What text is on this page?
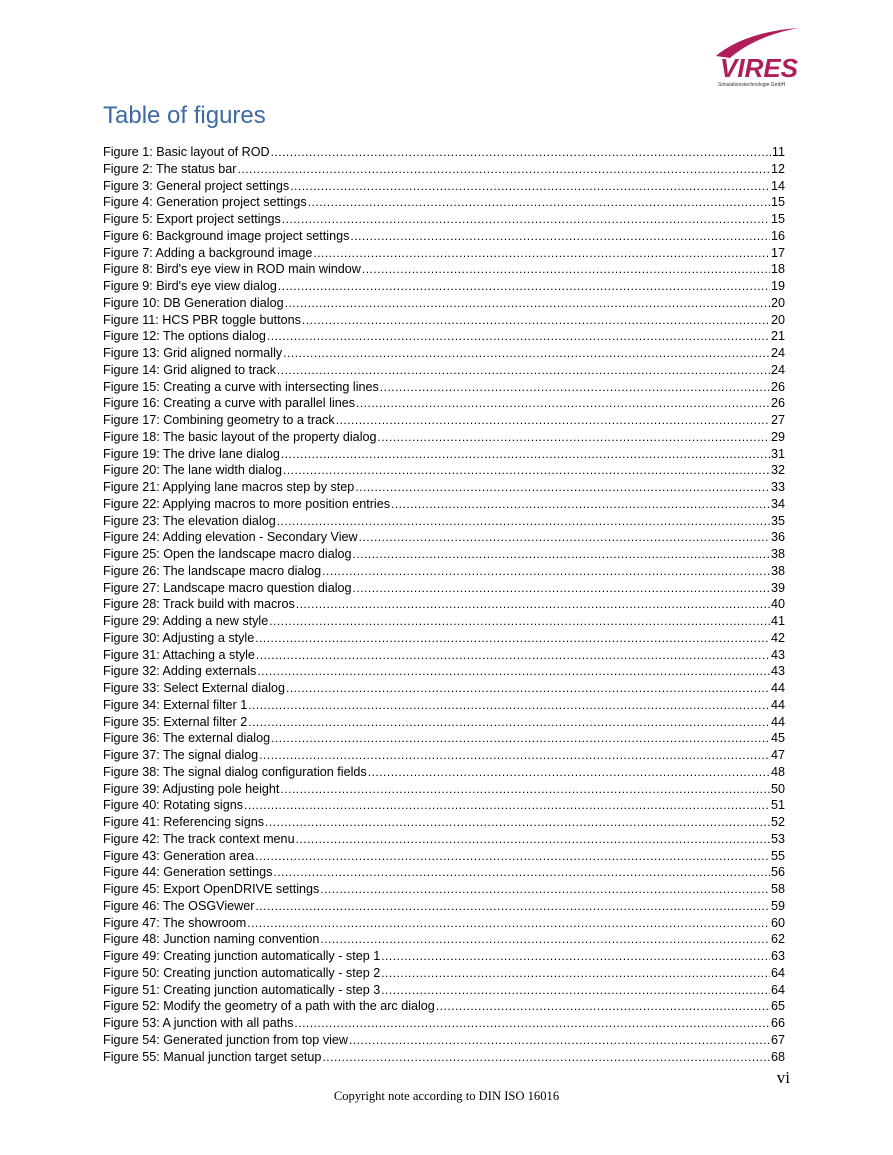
VIRES
Simulationstechnologie GmbH
Table of figures
Figure 1: Basic layout of ROD .....	11
Figure 2: The status bar .....	12
Figure 3: General project settings .....	14
Figure 4: Generation project settings .....	15
Figure 5: Export project settings .....	15
Figure 6: Background image project settings .....	16
Figure 7: Adding a background image .....	17
Figure 8: Bird's eye view in ROD main window .....	18
Figure 9: Bird's eye view dialog .....	19
Figure 10: DB Generation dialog .....	20
Figure 11: HCS PBR toggle buttons .....	20
Figure 12: The options dialog .....	21
Figure 13: Grid aligned normally .....	24
Figure 14: Grid aligned to track .....	24
Figure 15: Creating a curve with intersecting lines .....	26
Figure 16: Creating a curve with parallel lines .....	26
Figure 17: Combining geometry to a track .....	27
Figure 18: The basic layout of the property dialog .....	29
Figure 19: The drive lane dialog .....	31
Figure 20: The lane width dialog .....	32
Figure 21: Applying lane macros step by step .....	33
Figure 22: Applying macros to more position entries .....	34
Figure 23: The elevation dialog .....	35
Figure 24: Adding elevation - Secondary View .....	36
Figure 25: Open the landscape macro dialog .....	38
Figure 26: The landscape macro dialog .....	38
Figure 27: Landscape macro question dialog .....	39
Figure 28: Track build with macros .....	40
Figure 29: Adding a new style .....	41
Figure 30: Adjusting a style .....	42
Figure 31: Attaching a style .....	43
Figure 32: Adding externals .....	43
Figure 33: Select External dialog .....	44
Figure 34: External filter 1 .....	44
Figure 35: External filter 2 .....	44
Figure 36: The external dialog .....	45
Figure 37: The signal dialog .....	47
Figure 38: The signal dialog configuration fields .....	48
Figure 39: Adjusting pole height .....	50
Figure 40: Rotating signs .....	51
Figure 41: Referencing signs .....	52
Figure 42: The track context menu .....	53
Figure 43: Generation area .....	55
Figure 44: Generation settings .....	56
Figure 45: Export OpenDRIVE settings .....	58
Figure 46: The OSGViewer .....	59
Figure 47: The showroom .....	60
Figure 48: Junction naming convention .....	62
Figure 49: Creating junction automatically - step 1 .....	63
Figure 50: Creating junction automatically - step 2 .....	64
Figure 51: Creating junction automatically - step 3 .....	64
Figure 52: Modify the geometry of a path with the arc dialog .....	65
Figure 53: A junction with all paths .....	66
Figure 54: Generated junction from top view .....	67
Figure 55: Manual junction target setup .....	68
vi
Copyright note according to DIN ISO 16016
